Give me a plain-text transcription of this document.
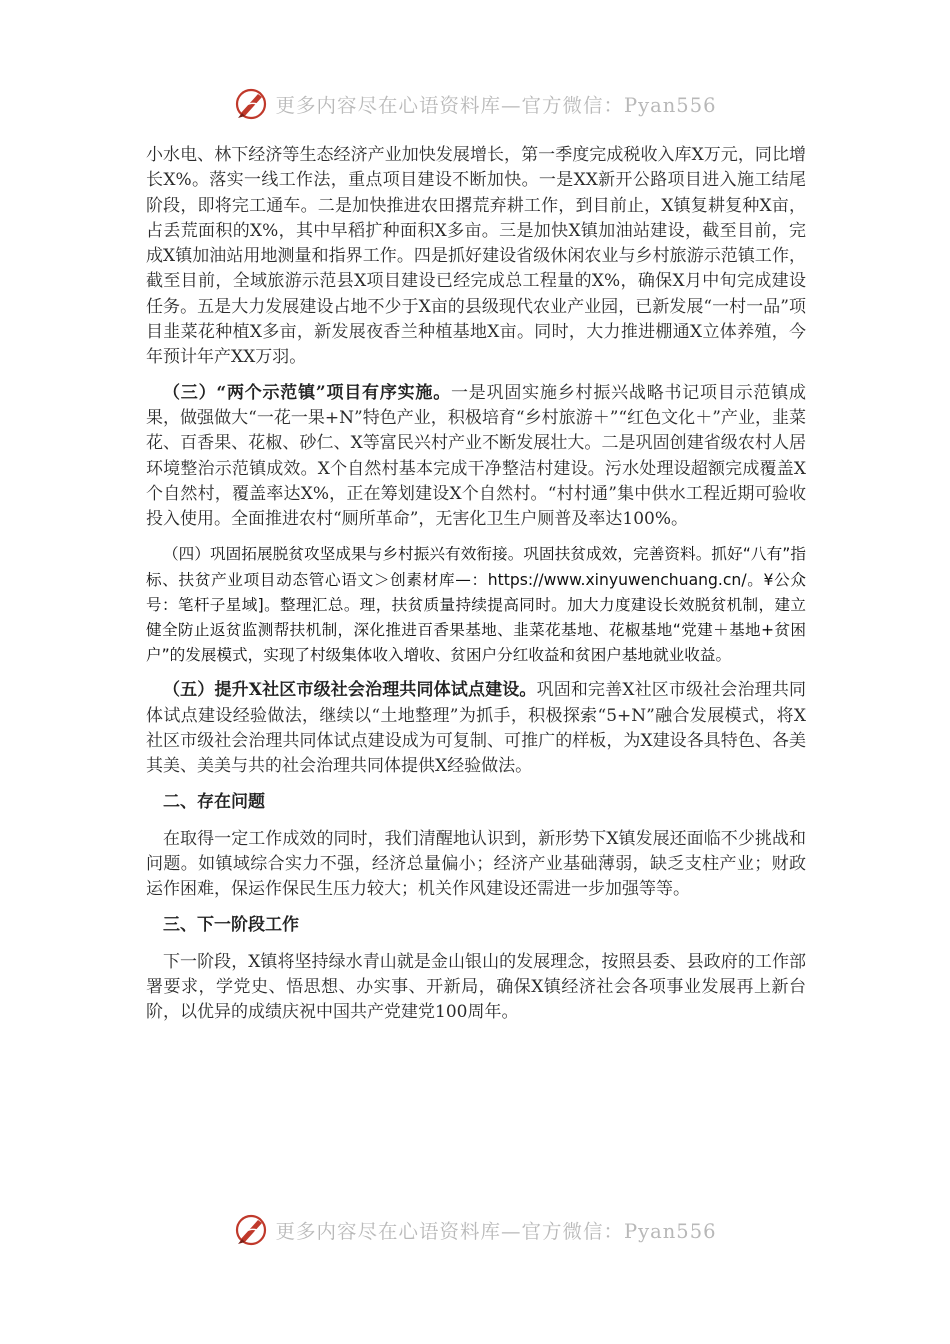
更多内容尽在心语资料库—官方微信：Pyan556

小水电、林下经济等生态经济产业加快发展增长，第一季度完成税收入库X万元，同比增长X%。落实一线工作法，重点项目建设不断加快。一是XX新开公路项目进入施工结尾阶段，即将完工通车。二是加快推进农田撂荒弃耕工作，到目前止，X镇复耕复种X亩，占丢荒面积的X%，其中早稻扩种面积X多亩。三是加快X镇加油站建设，截至目前，完成X镇加油站用地测量和指界工作。四是抓好建设省级休闲农业与乡村旅游示范镇工作，截至目前，全域旅游示范县X项目建设已经完成总工程量的X%，确保X月中旬完成建设任务。五是大力发展建设占地不少于X亩的县级现代农业产业园，已新发展“一村一品”项目韭菜花种植X多亩，新发展夜香兰种植基地X亩。同时，大力推进棚通X立体养殖，今年预计年产XX万羽。

（三）“两个示范镇”项目有序实施。一是巩固实施乡村振兴战略书记项目示范镇成果，做强做大“一花一果+N”特色产业，积极培育“乡村旅游＋”“红色文化＋”产业，韭菜花、百香果、花椒、砂仁、X等富民兴村产业不断发展壮大。二是巩固创建省级农村人居环境整治示范镇成效。X个自然村基本完成干净整洁村建设。污水处理设超额完成覆盖X个自然村，覆盖率达X%，正在筹划建设X个自然村。“村村通”集中供水工程近期可验收投入使用。全面推进农村“厕所革命”，无害化卫生户厕普及率达100%。

（四）巩固拓展脱贫攻坚成果与乡村振兴有效衔接。巩固扶贫成效，完善资料。抓好“八有”指标、扶贫产业项目动态管心语文＞创素材库—：https://www.xinyuwenchuang.cn/。¥公众号：笔杆子星域]。整理汇总。理，扶贫质量持续提高同时。加大力度建设长效脱贫机制，建立健全防止返贫监测帮扶机制，深化推进百香果基地、韭菜花基地、花椒基地“党建＋基地+贫困户”的发展模式，实现了村级集体收入增收、贫困户分红收益和贫困户基地就业收益。

（五）提升X社区市级社会治理共同体试点建设。巩固和完善X社区市级社会治理共同体试点建设经验做法，继续以“土地整理”为抓手，积极探索“5+N”融合发展模式，将X社区市级社会治理共同体试点建设成为可复制、可推广的样板，为X建设各具特色、各美其美、美美与共的社会治理共同体提供X经验做法。

二、存在问题

在取得一定工作成效的同时，我们清醒地认识到，新形势下X镇发展还面临不少挑战和问题。如镇域综合实力不强，经济总量偏小；经济产业基础薄弱，缺乏支柱产业；财政运作困难，保运作保民生压力较大；机关作风建设还需进一步加强等等。

三、下一阶段工作

下一阶段，X镇将坚持绿水青山就是金山银山的发展理念，按照县委、县政府的工作部署要求，学党史、悟思想、办实事、开新局，确保X镇经济社会各项事业发展再上新台阶，以优异的成绩庆祝中国共产党建党100周年。

更多内容尽在心语资料库—官方微信：Pyan556
